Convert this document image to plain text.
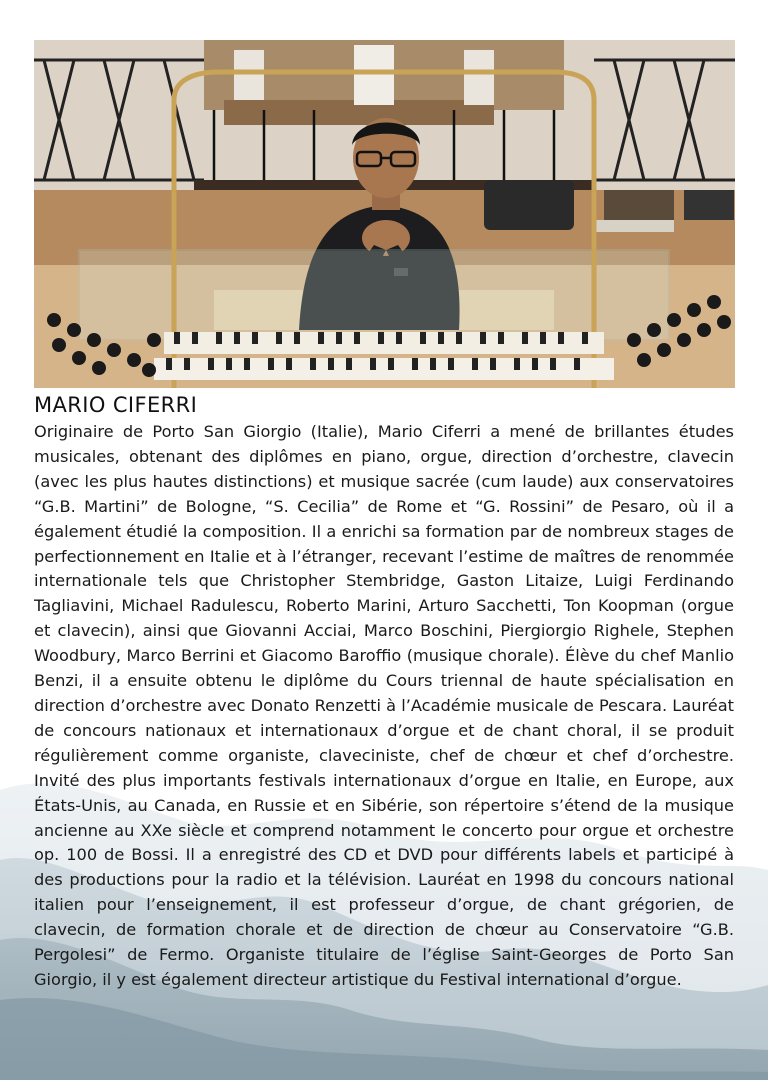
MARIO CIFERRI

Originaire de Porto San Giorgio (Italie), Mario Ciferri a mené de brillantes études musicales, obtenant des diplômes en piano, orgue, direction d’orchestre, clavecin (avec les plus hautes distinctions) et musique sacrée (cum laude) aux conservatoires “G.B. Martini” de Bologne, “S. Cecilia” de Rome et “G. Rossini” de Pesaro, où il a également étudié la composition. Il a enrichi sa formation par de nombreux stages de perfectionnement en Italie et à l’étranger, recevant l’estime de maîtres de renommée internationale tels que Christopher Stembridge, Gaston Litaize, Luigi Ferdinando Tagliavini, Michael Radulescu, Roberto Marini, Arturo Sacchetti, Ton Koopman (orgue et clavecin), ainsi que Giovanni Acciai, Marco Boschini, Piergiorgio Righele, Stephen Woodbury, Marco Berrini et Giacomo Baroffio (musique chorale). Élève du chef Manlio Benzi, il a ensuite obtenu le diplôme du Cours triennal de haute spécialisation en direction d’orchestre avec Donato Renzetti à l’Académie musicale de Pescara. Lauréat de concours nationaux et internationaux d’orgue et de chant choral, il se produit régulièrement comme organiste, claveciniste, chef de chœur et chef d’orchestre. Invité des plus importants festivals internationaux d’orgue en Italie, en Europe, aux États-Unis, au Canada, en Russie et en Sibérie, son répertoire s’étend de la musique ancienne au XXe siècle et comprend notamment le concerto pour orgue et orchestre op. 100 de Bossi. Il a enregistré des CD et DVD pour différents labels et participé à des productions pour la radio et la télévision. Lauréat en 1998 du concours national italien pour l’enseignement, il est professeur d’orgue, de chant grégorien, de clavecin, de formation chorale et de direction de chœur au Conservatoire “G.B. Pergolesi” de Fermo. Organiste titulaire de l’église Saint-Georges de Porto San Giorgio, il y est également directeur artistique du Festival international d’orgue.
